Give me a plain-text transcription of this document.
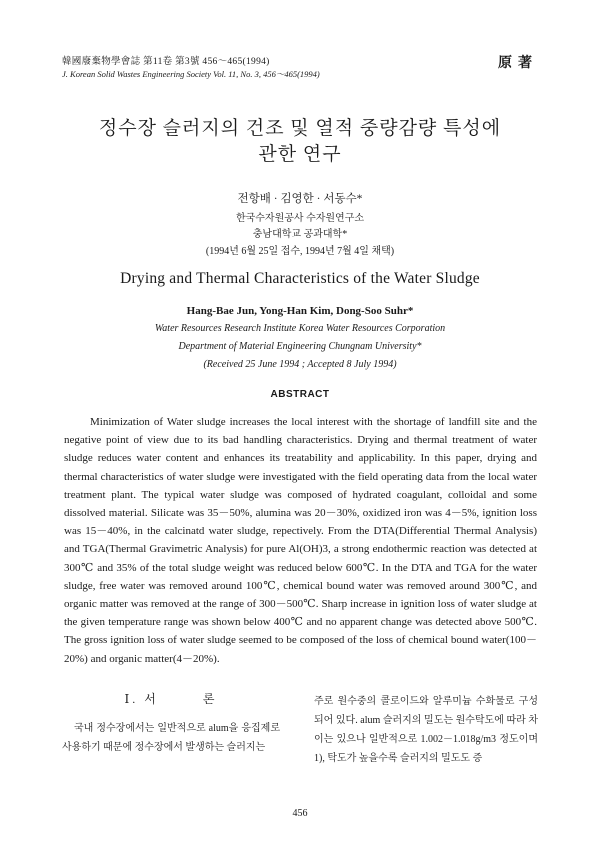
韓國廢棄物學會誌 第11卷 第3號 456～465(1994)
J. Korean Solid Wastes Engineering Society Vol. 11, No. 3, 456～465(1994)
原著
정수장 슬러지의 건조 및 열적 중량감량 특성에
관한 연구
전항배 · 김영한 · 서동수*
한국수자원공사 수자원연구소
충남대학교 공과대학*
(1994년 6월 25일 접수, 1994년 7월 4일 채택)
Drying and Thermal Characteristics of the Water Sludge
Hang-Bae Jun, Yong-Han Kim, Dong-Soo Suhr*
Water Resources Research Institute Korea Water Resources Corporation
Department of Material Engineering Chungnam University*
(Received 25 June 1994 ; Accepted 8 July 1994)
ABSTRACT
Minimization of Water sludge increases the local interest with the shortage of landfill site and the negative point of view due to its bad handling characteristics. Drying and thermal treatment of water sludge reduces water content and enhances its treatability and applicability. In this paper, drying and thermal characteristics of water sludge were investigated with the field operating data from the local water treatment plant. The typical water sludge was composed of hydrated coagulant, colloidal and some dissolved material. Silicate was 35－50%, alumina was 20－30%, oxidized iron was 4－5%, ignition loss was 15－40%, in the calcinatd water sludge, repectively. From the DTA(Differential Thermal Analysis) and TGA(Thermal Gravimetric Analysis) for pure Al(OH)3, a strong endothermic reaction was detected at 300℃ and 35% of the total sludge weight was reduced below 600℃. In the DTA and TGA for the water sludge, free water was removed around 100℃, chemical bound water was removed around 300℃, and organic matter was removed at the range of 300－500℃. Sharp increase in ignition loss of water sludge at the given temperature range was shown below 400℃ and no apparent change was detected above 500℃. The gross ignition loss of water sludge seemed to be composed of the loss of chemical bound water(100－20%) and organic matter(4－20%).
Ⅰ. 서	론
국내 정수장에서는 일반적으로 alum을 응집제로 사용하기 때문에 정수장에서 발생하는 슬러지는
주로 원수중의 콜로이드와 알루미늄 수화물로 구성되어 있다. alum 슬러지의 밀도는 원수탁도에 따라 차이는 있으나 일반적으로 1.002－1.018g/m3 정도이며1), 탁도가 높을수록 슬러지의 밀도도 증
456
